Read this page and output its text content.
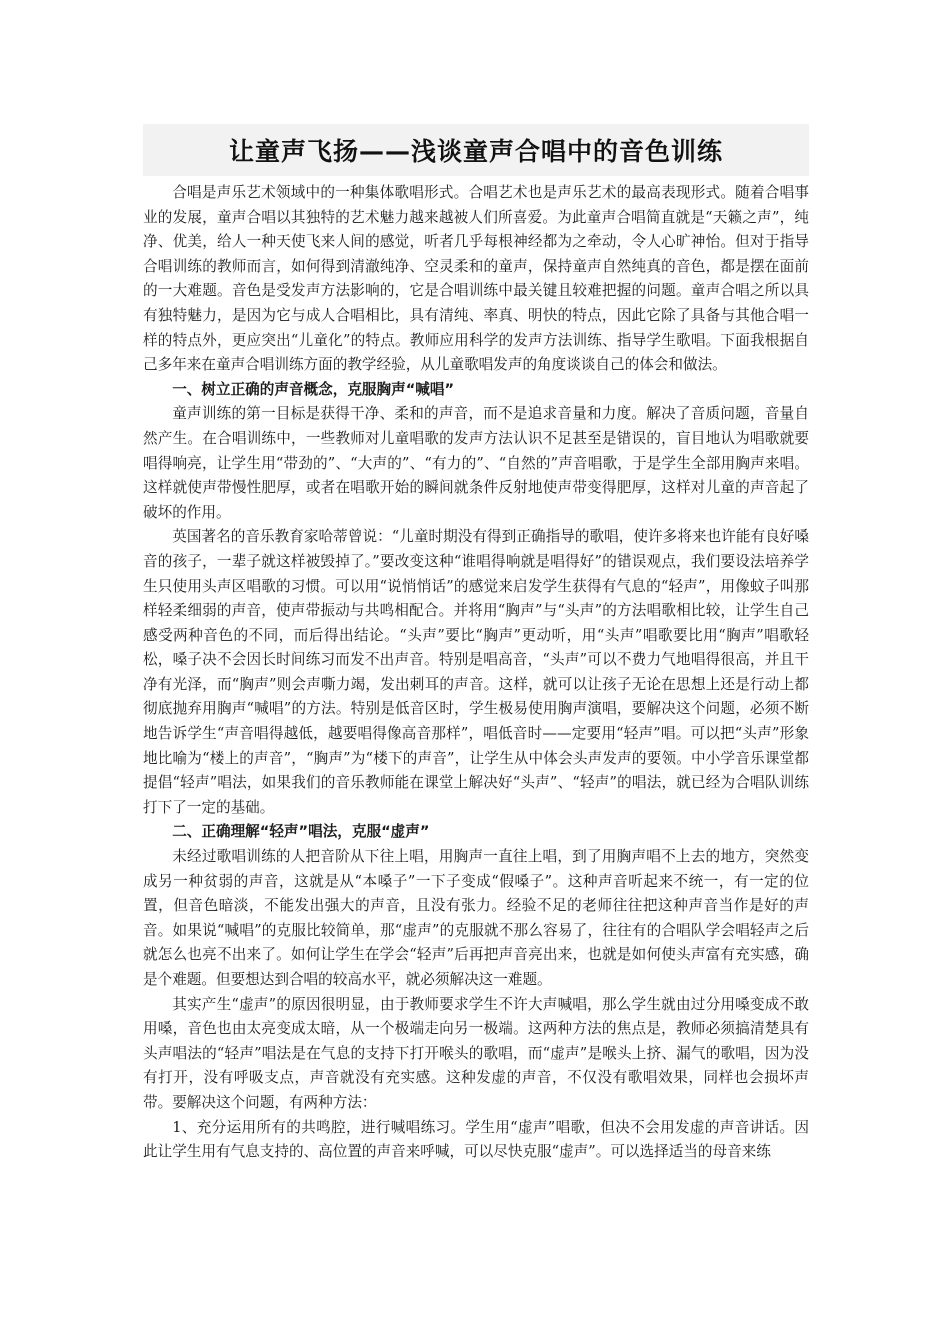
让童声飞扬——浅谈童声合唱中的音色训练

合唱是声乐艺术领域中的一种集体歌唱形式。合唱艺术也是声乐艺术的最高表现形式。随着合唱事业的发展，童声合唱以其独特的艺术魅力越来越被人们所喜爱。为此童声合唱简直就是“天籁之声”，纯净、优美，给人一种天使飞来人间的感觉，听者几乎每根神经都为之牵动，令人心旷神怡。但对于指导合唱训练的教师而言，如何得到清澈纯净、空灵柔和的童声，保持童声自然纯真的音色，都是摆在面前的一大难题。音色是受发声方法影响的，它是合唱训练中最关键且较难把握的问题。童声合唱之所以具有独特魅力，是因为它与成人合唱相比，具有清纯、率真、明快的特点，因此它除了具备与其他合唱一样的特点外，更应突出“儿童化”的特点。教师应用科学的发声方法训练、指导学生歌唱。下面我根据自己多年来在童声合唱训练方面的教学经验，从儿童歌唱发声的角度谈谈自己的体会和做法。

一、树立正确的声音概念，克服胸声“喊唱”

童声训练的第一目标是获得干净、柔和的声音，而不是追求音量和力度。解决了音质问题，音量自然产生。在合唱训练中，一些教师对儿童唱歌的发声方法认识不足甚至是错误的，盲目地认为唱歌就要唱得响亮，让学生用“带劲的”、“大声的”、“有力的”、“自然的”声音唱歌，于是学生全部用胸声来唱。这样就使声带慢性肥厚，或者在唱歌开始的瞬间就条件反射地使声带变得肥厚，这样对儿童的声音起了破坏的作用。

英国著名的音乐教育家哈蒂曾说：“儿童时期没有得到正确指导的歌唱，使许多将来也许能有良好嗓音的孩子，一辈子就这样被毁掉了。”要改变这种“谁唱得响就是唱得好”的错误观点，我们要设法培养学生只使用头声区唱歌的习惯。可以用“说悄悄话”的感觉来启发学生获得有气息的“轻声”，用像蚊子叫那样轻柔细弱的声音，使声带振动与共鸣相配合。并将用“胸声”与“头声”的方法唱歌相比较，让学生自己感受两种音色的不同，而后得出结论。“头声”要比“胸声”更动听，用“头声”唱歌要比用“胸声”唱歌轻松，嗓子决不会因长时间练习而发不出声音。特别是唱高音，“头声”可以不费力气地唱得很高，并且干净有光泽，而“胸声”则会声嘶力竭，发出刺耳的声音。这样，就可以让孩子无论在思想上还是行动上都彻底抛弃用胸声“喊唱”的方法。特别是低音区时，学生极易使用胸声演唱，要解决这个问题，必须不断地告诉学生“声音唱得越低，越要唱得像高音那样”，唱低音时——定要用“轻声”唱。可以把“头声”形象地比喻为“楼上的声音”，“胸声”为“楼下的声音”，让学生从中体会头声发声的要领。中小学音乐课堂都提倡“轻声”唱法，如果我们的音乐教师能在课堂上解决好“头声”、“轻声”的唱法，就已经为合唱队训练打下了一定的基础。

二、正确理解“轻声”唱法，克服“虚声”

未经过歌唱训练的人把音阶从下往上唱，用胸声一直往上唱，到了用胸声唱不上去的地方，突然变成另一种贫弱的声音，这就是从“本嗓子”一下子变成“假嗓子”。这种声音听起来不统一，有一定的位置，但音色暗淡，不能发出强大的声音，且没有张力。经验不足的老师往往把这种声音当作是好的声音。如果说“喊唱”的克服比较简单，那“虚声”的克服就不那么容易了，往往有的合唱队学会唱轻声之后就怎么也亮不出来了。如何让学生在学会“轻声”后再把声音亮出来，也就是如何使头声富有充实感，确是个难题。但要想达到合唱的较高水平，就必须解决这一难题。

其实产生“虚声”的原因很明显，由于教师要求学生不许大声喊唱，那么学生就由过分用嗓变成不敢用嗓，音色也由太亮变成太暗，从一个极端走向另一极端。这两种方法的焦点是，教师必须搞清楚具有头声唱法的“轻声”唱法是在气息的支持下打开喉头的歌唱，而“虚声”是喉头上挤、漏气的歌唱，因为没有打开，没有呼吸支点，声音就没有充实感。这种发虚的声音，不仅没有歌唱效果，同样也会损坏声带。要解决这个问题，有两种方法：

1、充分运用所有的共鸣腔，进行喊唱练习。学生用“虚声”唱歌，但决不会用发虚的声音讲话。因此让学生用有气息支持的、高位置的声音来呼喊，可以尽快克服“虚声”。可以选择适当的母音来练
